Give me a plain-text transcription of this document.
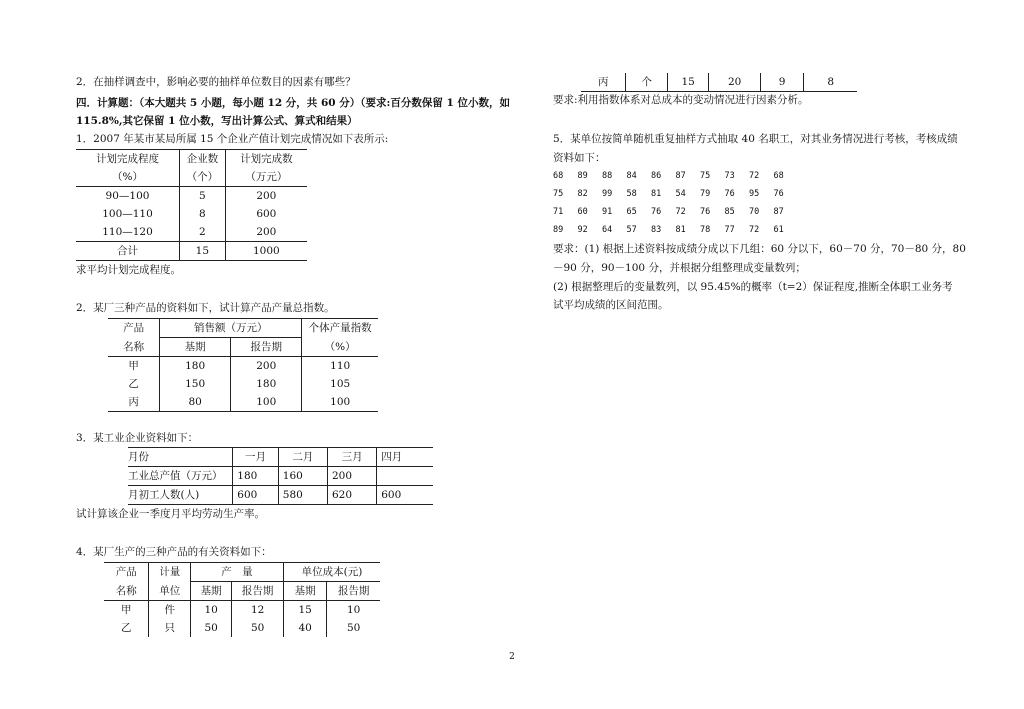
2．在抽样调查中，影响必要的抽样单位数目的因素有哪些？
四．计算题：（本大题共 5 小题，每小题 12 分，共 60 分）（要求:百分数保留 1 位小数，如
115.8%,其它保留 1 位小数，写出计算公式、算式和结果）
1．2007 年某市某局所属 15 个企业产值计划完成情况如下表所示:
计划完成程度	企业数	计划完成数
（%）	（个）	（万元）
90—100	5	200
100—110	8	600
110—120	2	200
合计	15	1000
求平均计划完成程度。
2．某厂三种产品的资料如下，试计算产品产量总指数。
产品	销售额（万元）		个体产量指数
名称	基期	报告期	（%）
甲	180	200	110
乙	150	180	105
丙	80	100	100
3．某工业企业资料如下：
月份	一月	二月	三月	四月
工业总产值（万元）	180	160	200	
月初工人数(人)	600	580	620	600
试计算该企业一季度月平均劳动生产率。
4．某厂生产的三种产品的有关资料如下：
产品	计量	产　量		单位成本(元)	
名称	单位	基期	报告期	基期	报告期
甲	件	10	12	15	10
乙	只	50	50	40	50
丙	个	15	20	9	8
要求:利用指数体系对总成本的变动情况进行因素分析。
5．某单位按简单随机重复抽样方式抽取 40 名职工，对其业务情况进行考核，考核成绩
资料如下：
68 89 88 84 86 87 75 73 72 68
75 82 99 58 81 54 79 76 95 76
71 60 91 65 76 72 76 85 70 87
89 92 64 57 83 81 78 77 72 61
要求：(1) 根据上述资料按成绩分成以下几组：60 分以下，60－70 分，70－80 分，80
－90 分，90－100 分，并根据分组整理成变量数列；
(2) 根据整理后的变量数列，以 95.45%的概率（t=2）保证程度,推断全体职工业务考
试平均成绩的区间范围。
2
